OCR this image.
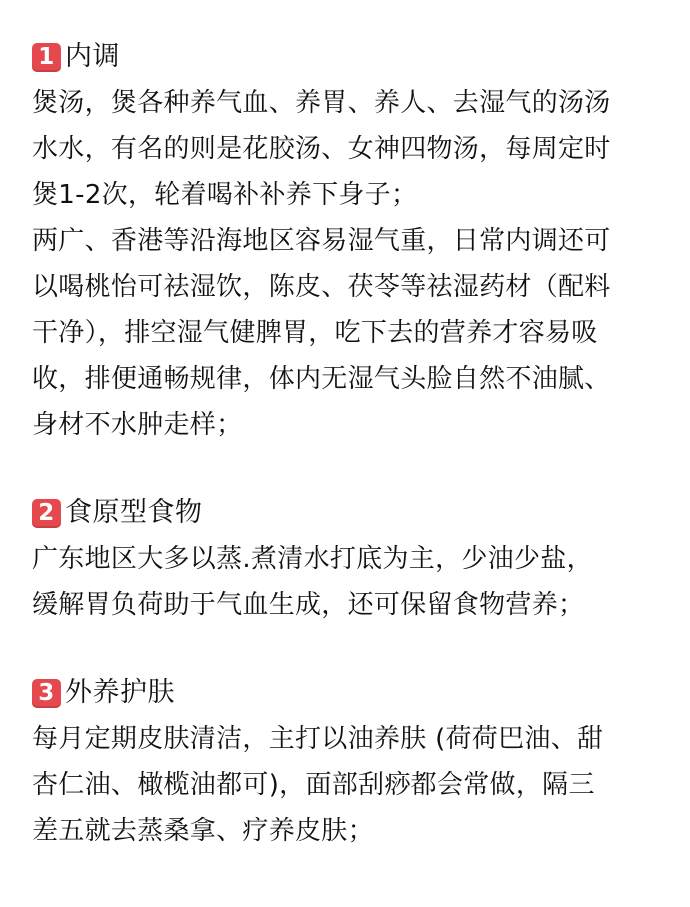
1 内调
煲汤，煲各种养气血、养胃、养人、去湿气的汤汤
水水，有名的则是花胶汤、女神四物汤，每周定时
煲1-2次，轮着喝补补养下身子；
两广、香港等沿海地区容易湿气重，日常内调还可
以喝桃怡可祛湿饮，陈皮、茯苓等祛湿药材（配料
干净），排空湿气健脾胃，吃下去的营养才容易吸
收，排便通畅规律，体内无湿气头脸自然不油腻、
身材不水肿走样；
2 食原型食物
广东地区大多以蒸.煮清水打底为主，少油少盐，
缓解胃负荷助于气血生成，还可保留食物营养；
3 外养护肤
每月定期皮肤清洁，主打以油养肤 (荷荷巴油、甜
杏仁油、橄榄油都可)，面部刮痧都会常做，隔三
差五就去蒸桑拿、疗养皮肤；
